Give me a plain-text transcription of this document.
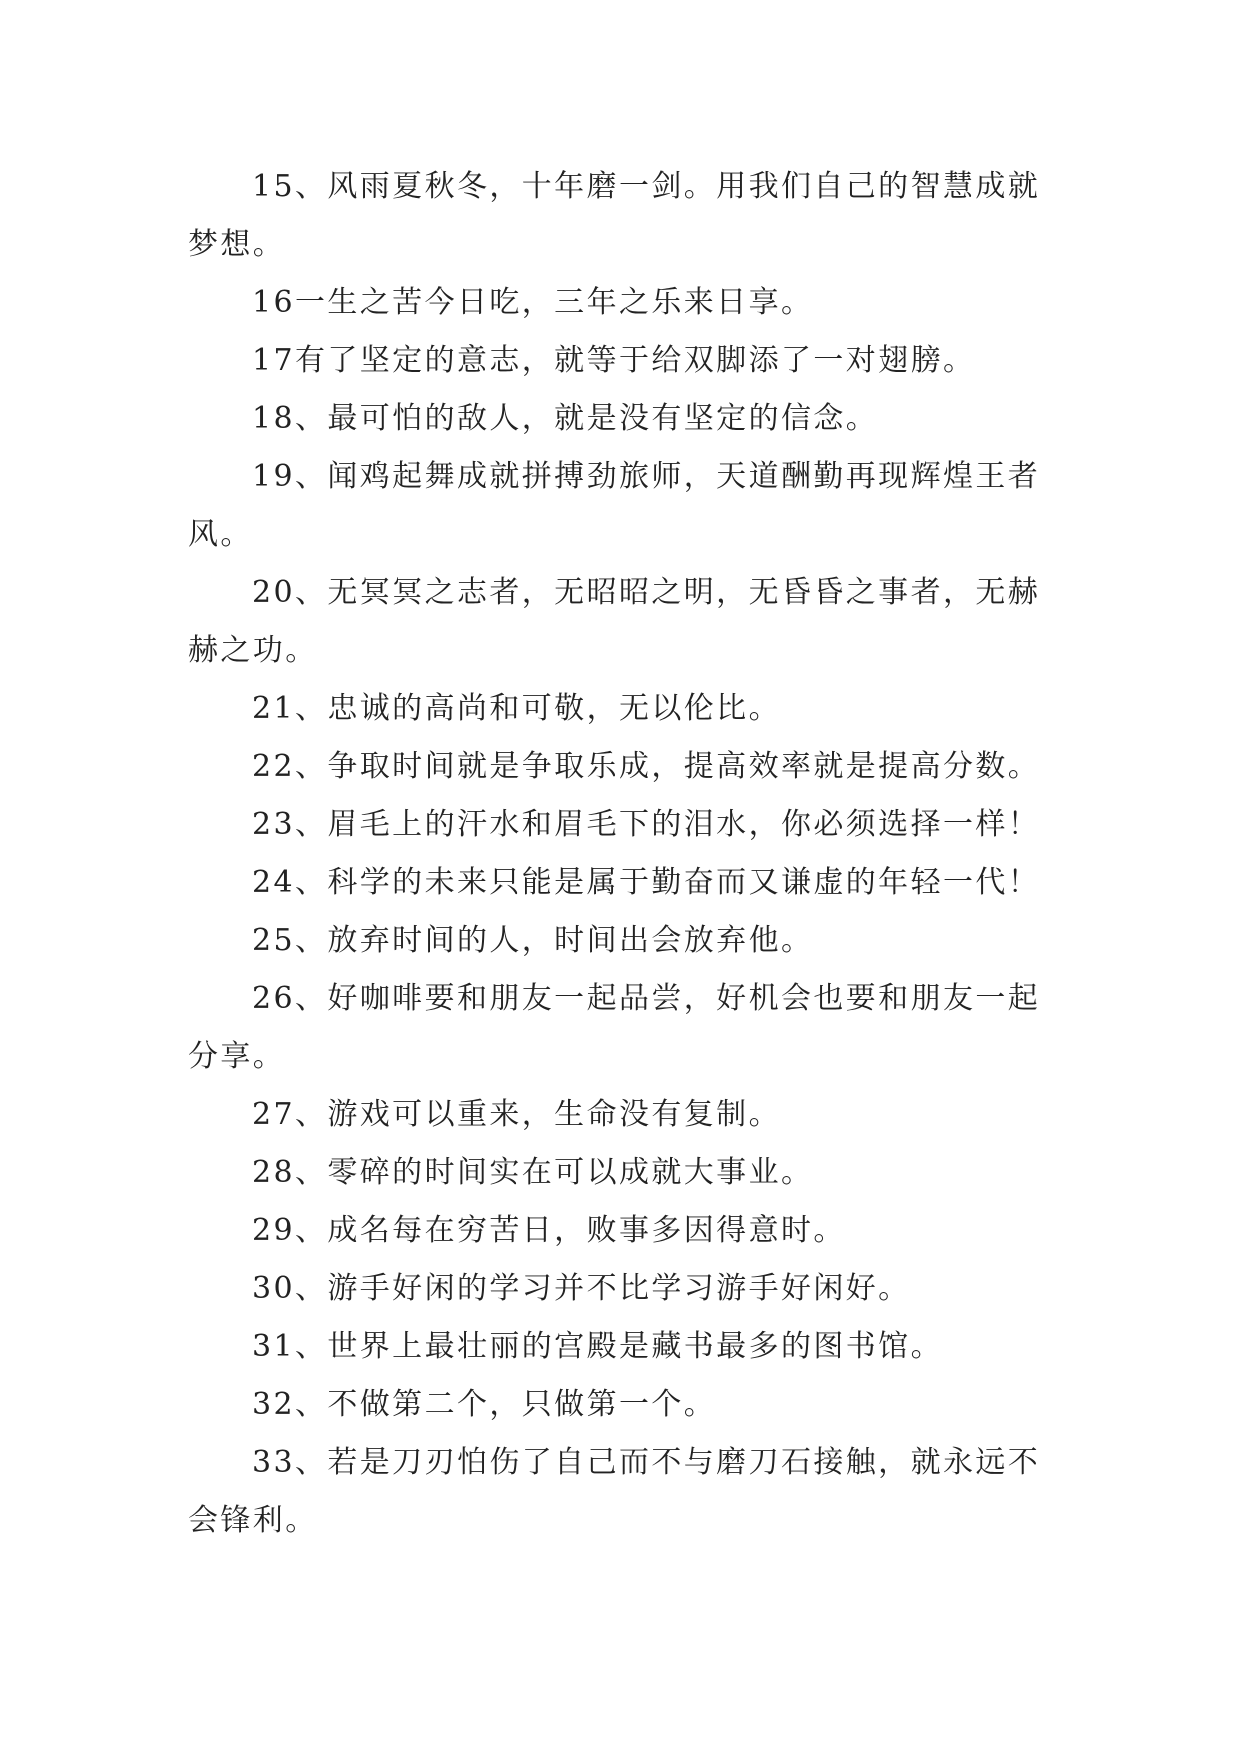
15、风雨夏秋冬，十年磨一剑。用我们自己的智慧成就梦想。

16一生之苦今日吃，三年之乐来日享。

17有了坚定的意志，就等于给双脚添了一对翅膀。

18、最可怕的敌人，就是没有坚定的信念。

19、闻鸡起舞成就拼搏劲旅师，天道酬勤再现辉煌王者风。

20、无冥冥之志者，无昭昭之明，无昏昏之事者，无赫赫之功。

21、忠诚的高尚和可敬，无以伦比。

22、争取时间就是争取乐成，提高效率就是提高分数。

23、眉毛上的汗水和眉毛下的泪水，你必须选择一样！

24、科学的未来只能是属于勤奋而又谦虚的年轻一代！

25、放弃时间的人，时间出会放弃他。

26、好咖啡要和朋友一起品尝，好机会也要和朋友一起分享。

27、游戏可以重来，生命没有复制。

28、零碎的时间实在可以成就大事业。

29、成名每在穷苦日，败事多因得意时。

30、游手好闲的学习并不比学习游手好闲好。

31、世界上最壮丽的宫殿是藏书最多的图书馆。

32、不做第二个，只做第一个。

33、若是刀刃怕伤了自己而不与磨刀石接触，就永远不会锋利。
